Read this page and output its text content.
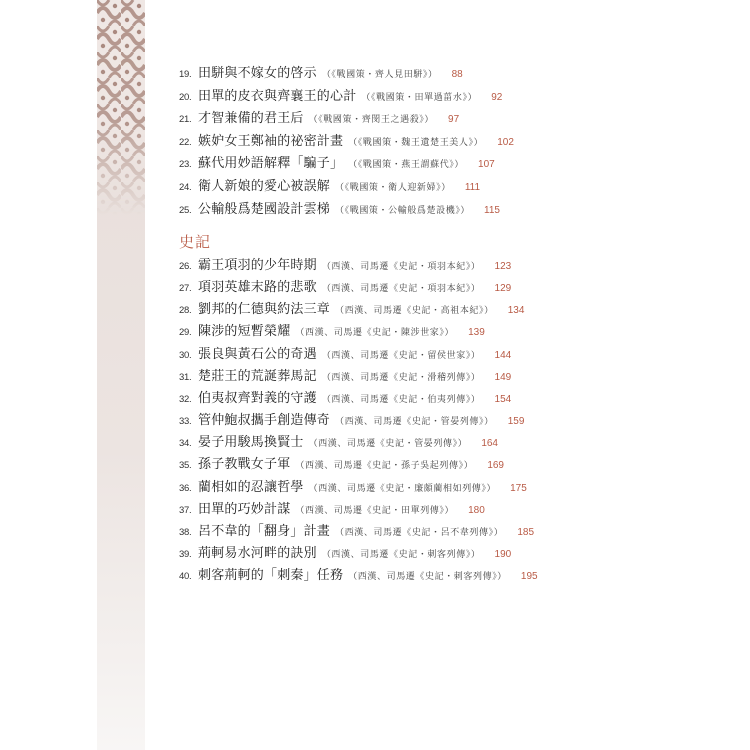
19. 田駢與不嫁女的啓示 （《戰國策・齊人見田駢》） 88
20. 田單的皮衣與齊襄王的心計 （《戰國策・田單過菑水》） 92
21. 才智兼備的君王后 （《戰國策・齊閔王之遇殺》） 97
22. 嫉妒女王鄭袖的祕密計畫 （《戰國策・魏王遺楚王美人》） 102
23. 蘇代用妙語解釋「騙子」 （《戰國策・燕王謂蘇代》） 107
24. 衛人新娘的愛心被誤解 （《戰國策・衛人迎新婦》） 111
25. 公輸般爲楚國設計雲梯 （《戰國策・公輸般爲楚設機》） 115
史記
26. 霸王項羽的少年時期 （西漢、司馬遷《史記・項羽本紀》） 123
27. 項羽英雄末路的悲歌 （西漢、司馬遷《史記・項羽本紀》） 129
28. 劉邦的仁德與約法三章 （西漢、司馬遷《史記・高祖本紀》） 134
29. 陳涉的短暫榮耀 （西漢、司馬遷《史記・陳涉世家》） 139
30. 張良與黃石公的奇遇 （西漢、司馬遷《史記・留侯世家》） 144
31. 楚莊王的荒誕葬馬記 （西漢、司馬遷《史記・滑稽列傳》） 149
32. 伯夷叔齊對義的守護 （西漢、司馬遷《史記・伯夷列傳》） 154
33. 管仲鮑叔攜手創造傳奇 （西漢、司馬遷《史記・管晏列傳》） 159
34. 晏子用駿馬換賢士 （西漢、司馬遷《史記・管晏列傳》） 164
35. 孫子教戰女子軍 （西漢、司馬遷《史記・孫子吳起列傳》） 169
36. 藺相如的忍讓哲學 （西漢、司馬遷《史記・廉頗藺相如列傳》） 175
37. 田單的巧妙計謀 （西漢、司馬遷《史記・田單列傳》） 180
38. 呂不韋的「翻身」計畫 （西漢、司馬遷《史記・呂不韋列傳》） 185
39. 荊軻易水河畔的訣別 （西漢、司馬遷《史記・刺客列傳》） 190
40. 刺客荊軻的「刺秦」任務 （西漢、司馬遷《史記・刺客列傳》） 195
